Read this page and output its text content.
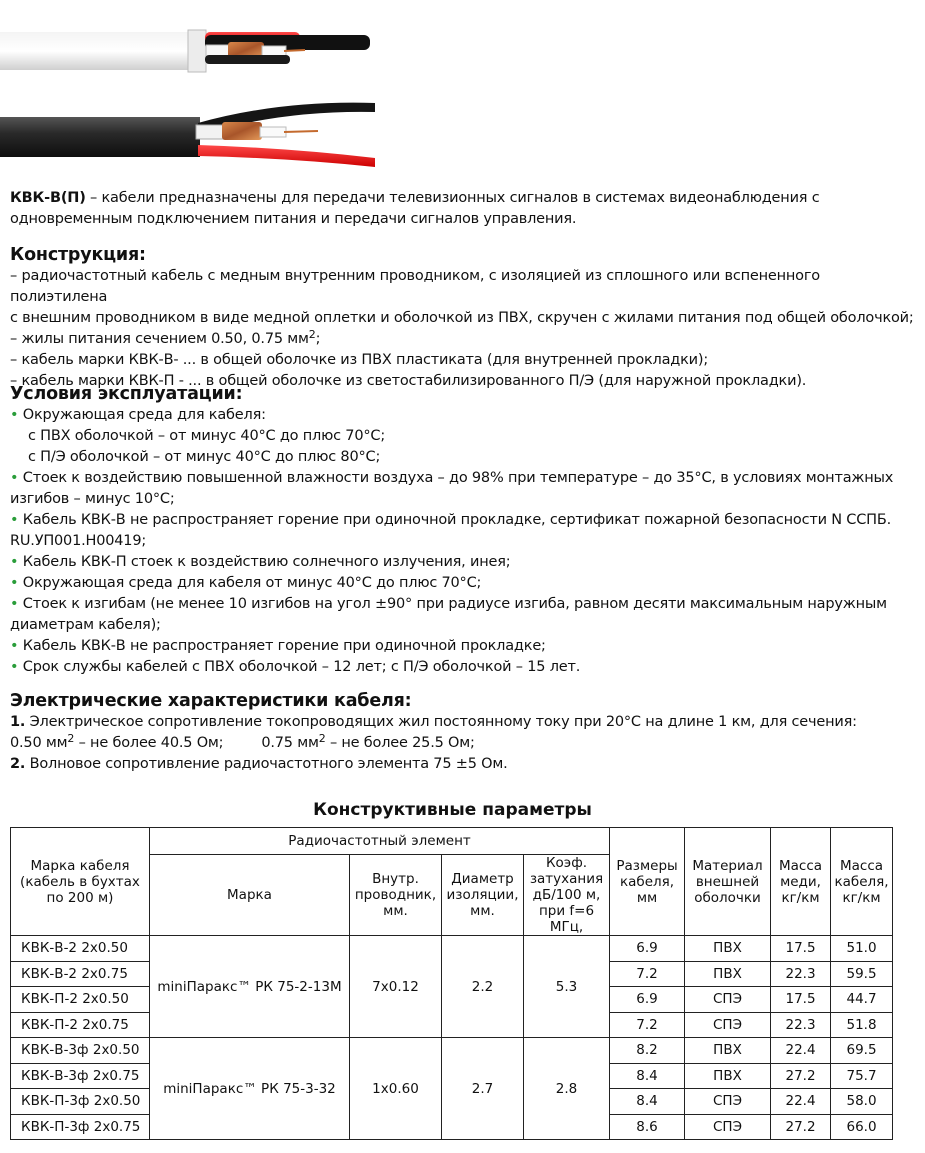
КВК-В(П) – кабели предназначены для передачи телевизионных сигналов в системах видеонаблюдения с

одновременным подключением питания и передачи сигналов управления.

Конструкция:

– радиочастотный кабель с медным внутренним проводником, с изоляцией из сплошного или вспененного полиэтилена

с внешним проводником в виде медной оплетки и оболочкой из ПВХ, скручен с жилами питания под общей оболочкой;

– жилы питания сечением 0.50, 0.75 $мм^2$;

– кабель марки КВК-В- ... в общей оболочке из ПВХ пластиката (для внутренней прокладки);

– кабель марки КВК-П - ... в общей оболочке из светостабилизированного П/Э (для наружной прокладки).

Условия эксплуатации:

• Окружающая среда для кабеля:

с ПВХ оболочкой – от минус 40°С до плюс 70°С;

с П/Э оболочкой – от минус 40°С до плюс 80°С;

• Стоек к воздействию повышенной влажности воздуха – до 98% при температуре – до 35°С, в условиях монтажных

изгибов – минус 10°С;

• Кабель КВК-В не распространяет горение при одиночной прокладке, сертификат пожарной безопасности N ССПБ.

RU.УП001.Н00419;

• Кабель КВК-П стоек к воздействию солнечного излучения, инея;

• Окружающая среда для кабеля от минус 40°С до плюс 70°С;

• Стоек к изгибам (не менее 10 изгибов на угол ±90° при радиусе изгиба, равном десяти максимальным наружным

диаметрам кабеля);

• Кабель КВК-В не распространяет горение при одиночной прокладке;

• Срок службы кабелей с ПВХ оболочкой – 12 лет; с П/Э оболочкой – 15 лет.

Электрические характеристики кабеля:

1. Электрическое сопротивление токопроводящих жил постоянному току при 20°С на длине 1 км, для сечения:

0.50 $мм^2$ – не более 40.5 Ом;	0.75 $мм^2$ – не более 25.5 Ом;

2. Волновое сопротивление радиочастотного элемента 75 ±5 Ом.

Конструктивные параметры
Марка кабеля (кабель в бухтах по 200 м)	Радиочастотный элемент				Размеры кабеля, мм	Материал внешней оболочки	Масса меди, кг/км	Масса кабеля, кг/км
	Марка	Внутр. проводник, мм.	Диаметр изоляции, мм.	Коэф. затухания дБ/100 м, при f=6 МГц,				
КВК-В-2 2х0.50	miniПаракс™ РК 75-2-13М	7х0.12	2.2	5.3	6.9	ПВХ	17.5	51.0
КВК-В-2 2х0.75					7.2	ПВХ	22.3	59.5
КВК-П-2 2х0.50					6.9	СПЭ	17.5	44.7
КВК-П-2 2х0.75					7.2	СПЭ	22.3	51.8
КВК-В-3ф 2х0.50	miniПаракс™ РК 75-3-32	1х0.60	2.7	2.8	8.2	ПВХ	22.4	69.5
КВК-В-3ф 2х0.75					8.4	ПВХ	27.2	75.7
КВК-П-3ф 2х0.50					8.4	СПЭ	22.4	58.0
КВК-П-3ф 2х0.75					8.6	СПЭ	27.2	66.0
